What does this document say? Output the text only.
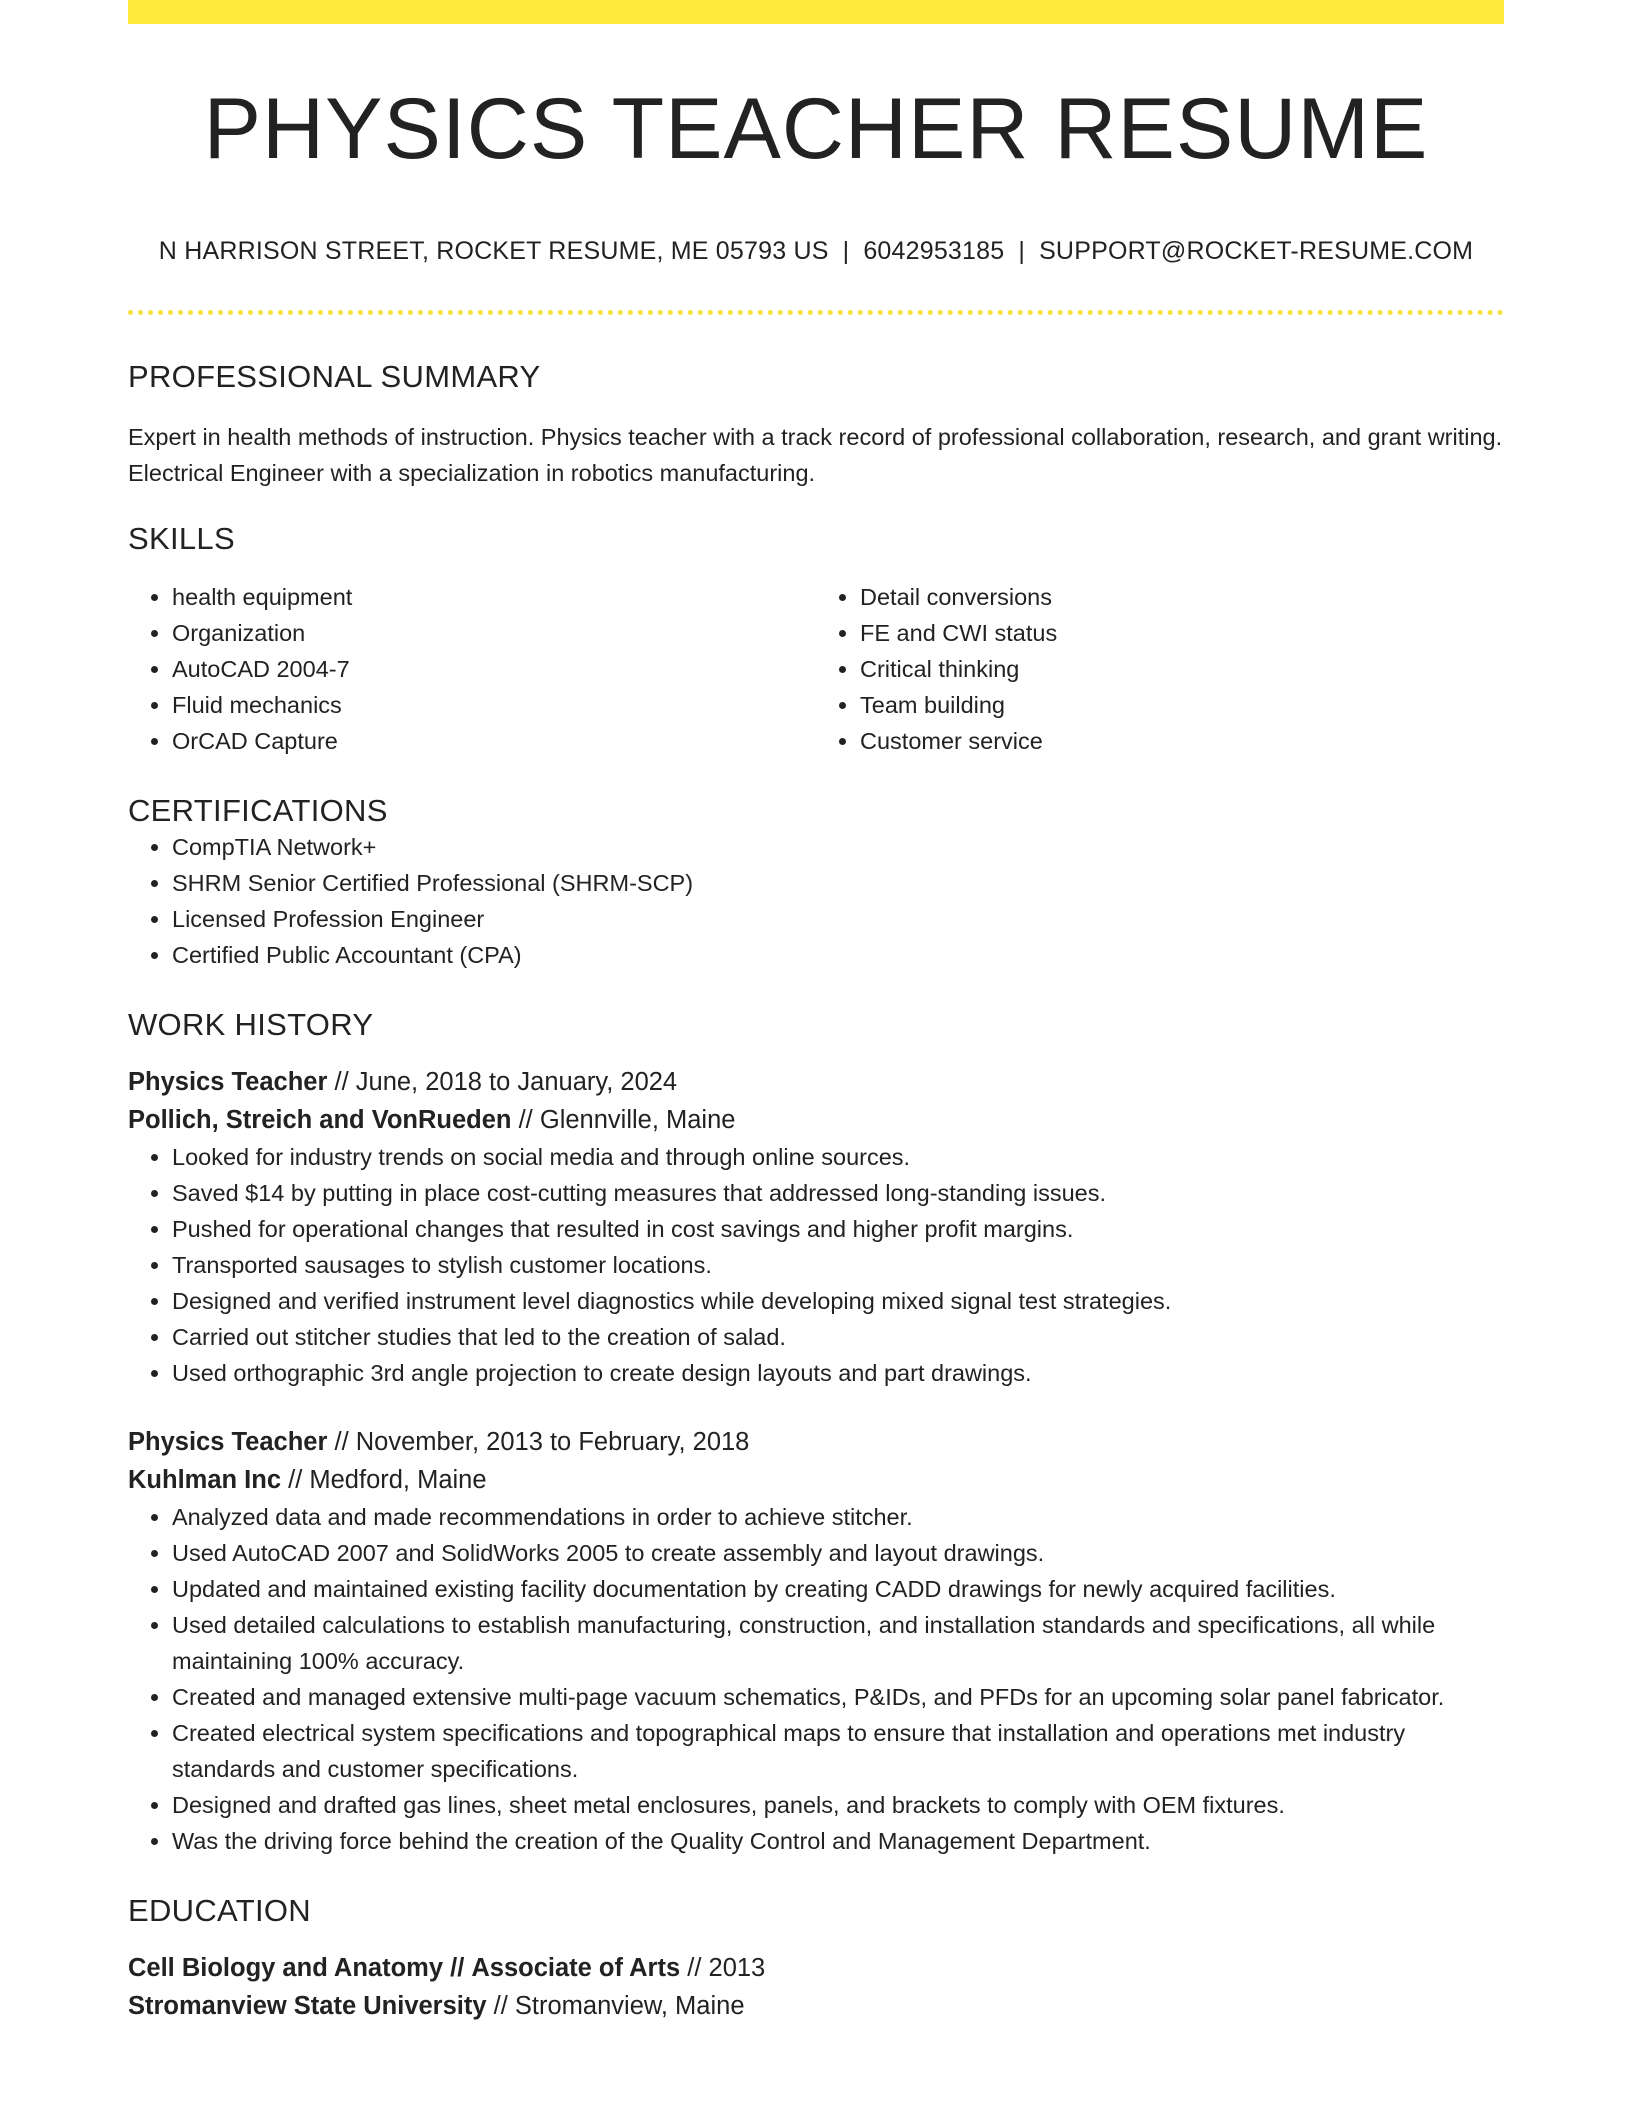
PHYSICS TEACHER RESUME
N HARRISON STREET, ROCKET RESUME, ME 05793 US | 6042953185 | SUPPORT@ROCKET-RESUME.COM
PROFESSIONAL SUMMARY
Expert in health methods of instruction. Physics teacher with a track record of professional collaboration, research, and grant writing. Electrical Engineer with a specialization in robotics manufacturing.
SKILLS
• health equipment
• Organization
• AutoCAD 2004-7
• Fluid mechanics
• OrCAD Capture
• Detail conversions
• FE and CWI status
• Critical thinking
• Team building
• Customer service
CERTIFICATIONS
• CompTIA Network+
• SHRM Senior Certified Professional (SHRM-SCP)
• Licensed Profession Engineer
• Certified Public Accountant (CPA)
WORK HISTORY
Physics Teacher // June, 2018 to January, 2024
Pollich, Streich and VonRueden // Glennville, Maine
• Looked for industry trends on social media and through online sources.
• Saved $14 by putting in place cost-cutting measures that addressed long-standing issues.
• Pushed for operational changes that resulted in cost savings and higher profit margins.
• Transported sausages to stylish customer locations.
• Designed and verified instrument level diagnostics while developing mixed signal test strategies.
• Carried out stitcher studies that led to the creation of salad.
• Used orthographic 3rd angle projection to create design layouts and part drawings.
Physics Teacher // November, 2013 to February, 2018
Kuhlman Inc // Medford, Maine
• Analyzed data and made recommendations in order to achieve stitcher.
• Used AutoCAD 2007 and SolidWorks 2005 to create assembly and layout drawings.
• Updated and maintained existing facility documentation by creating CADD drawings for newly acquired facilities.
• Used detailed calculations to establish manufacturing, construction, and installation standards and specifications, all while maintaining 100% accuracy.
• Created and managed extensive multi-page vacuum schematics, P&IDs, and PFDs for an upcoming solar panel fabricator.
• Created electrical system specifications and topographical maps to ensure that installation and operations met industry standards and customer specifications.
• Designed and drafted gas lines, sheet metal enclosures, panels, and brackets to comply with OEM fixtures.
• Was the driving force behind the creation of the Quality Control and Management Department.
EDUCATION
Cell Biology and Anatomy // Associate of Arts // 2013
Stromanview State University // Stromanview, Maine
